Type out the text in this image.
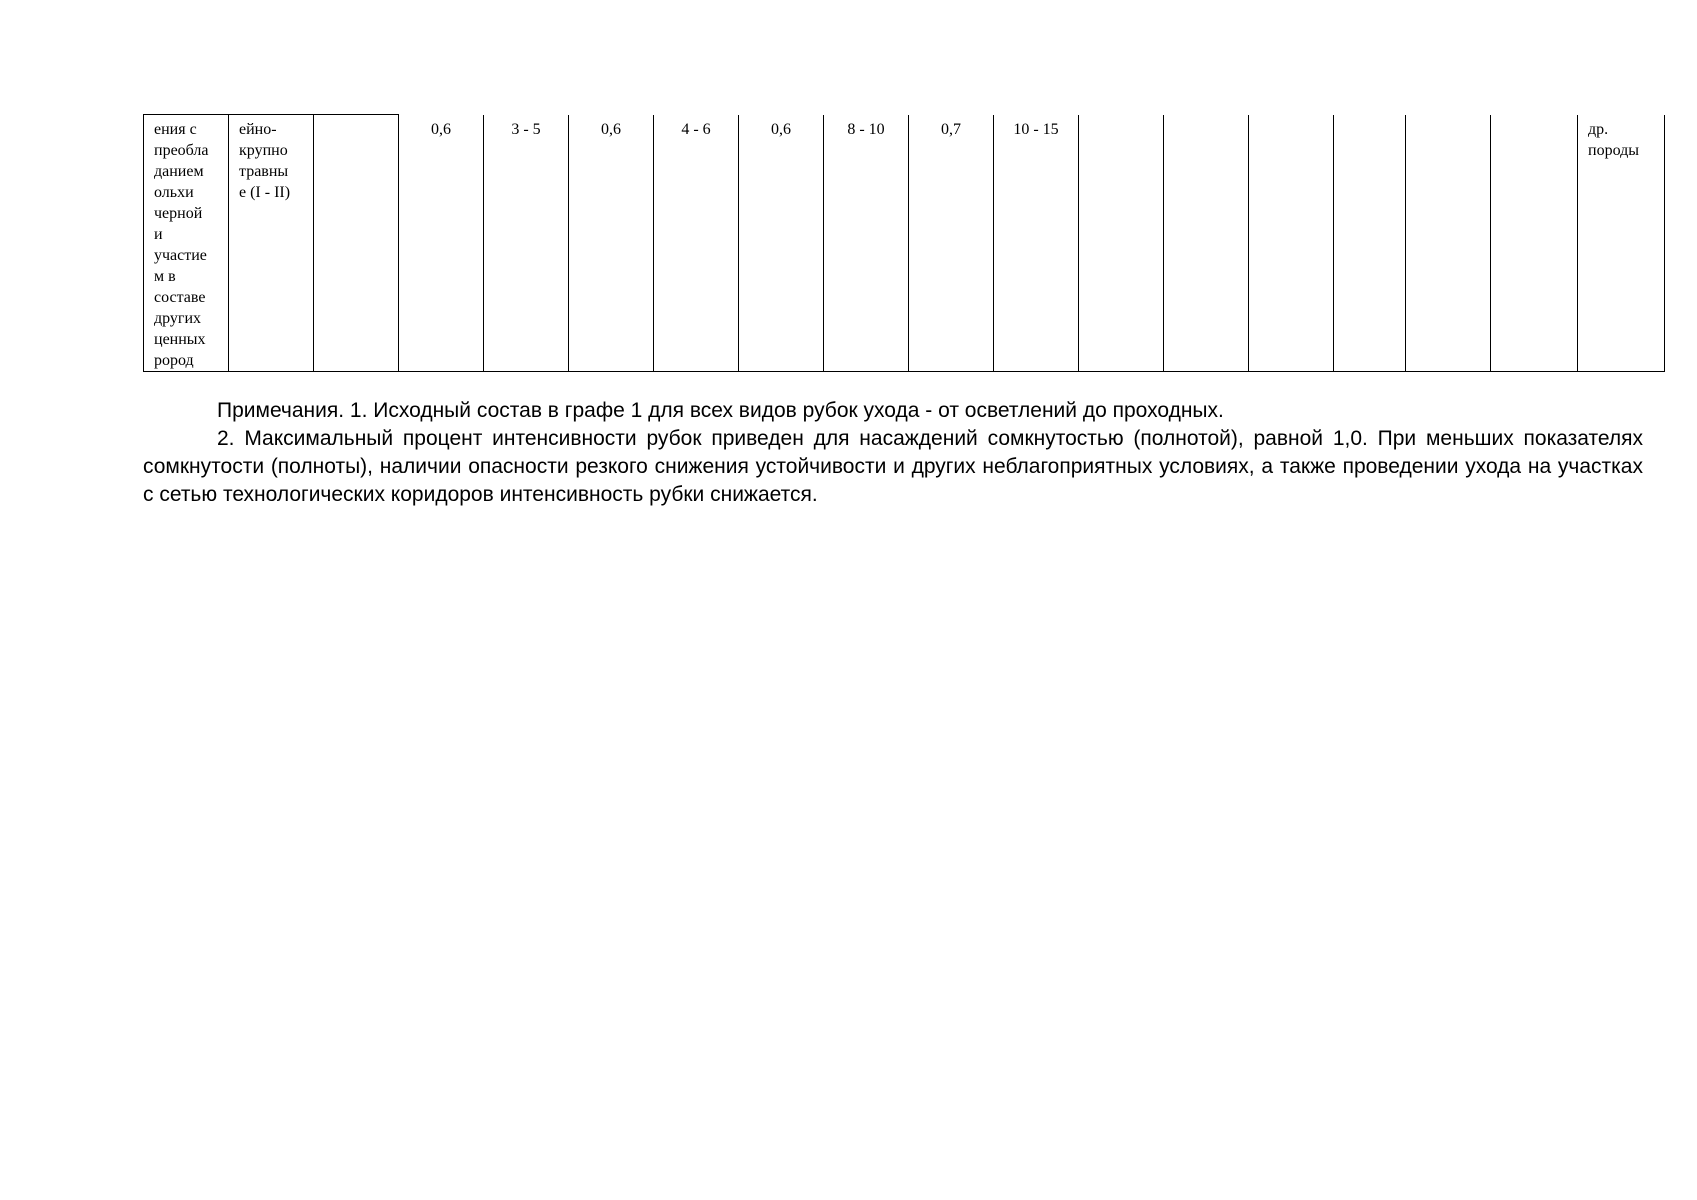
ения с
преобла
данием
ольхи
черной
и
участие
м в
составе
других
ценных
pород	ейно-
крупно
травны
е (I - II)		0,6	3 - 5	0,6	4 - 6	0,6	8 - 10	0,7	10 - 15							др.
породы

Примечания. 1. Исходный состав в графе 1 для всех видов рубок ухода - от осветлений до проходных.

2. Максимальный процент интенсивности рубок приведен для насаждений сомкнутостью (полнотой), равной 1,0. При меньших показателях сомкнутости (полноты), наличии опасности резкого снижения устойчивости и других неблагоприятных условиях, а также проведении ухода на участках с сетью технологических коридоров интенсивность рубки снижается.
